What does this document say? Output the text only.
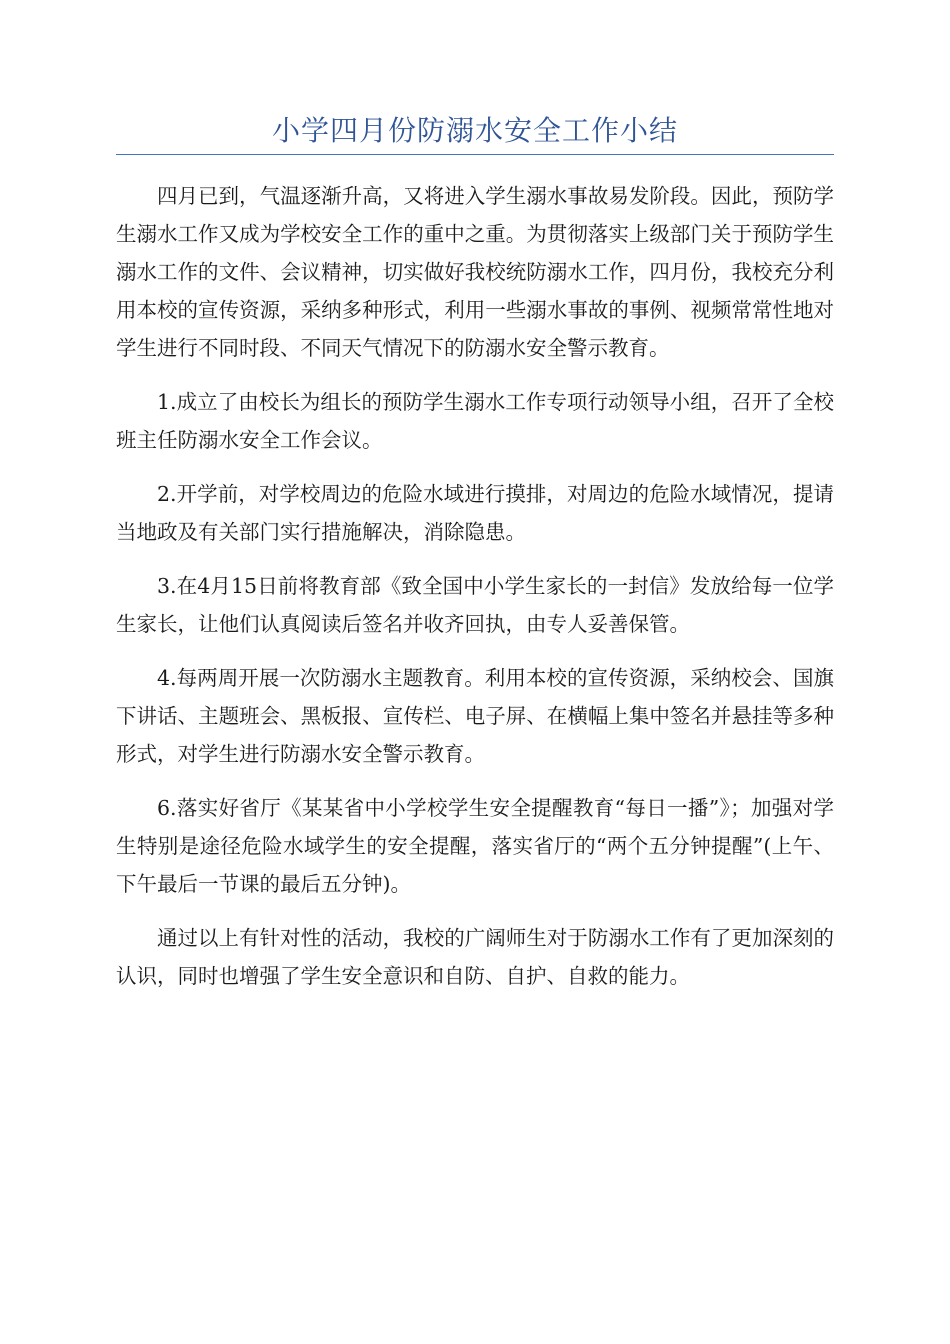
小学四月份防溺水安全工作小结

四月已到，气温逐渐升高，又将进入学生溺水事故易发阶段。因此，预防学生溺水工作又成为学校安全工作的重中之重。为贯彻落实上级部门关于预防学生溺水工作的文件、会议精神，切实做好我校统防溺水工作，四月份，我校充分利用本校的宣传资源，采纳多种形式，利用一些溺水事故的事例、视频常常性地对学生进行不同时段、不同天气情况下的防溺水安全警示教育。

1.成立了由校长为组长的预防学生溺水工作专项行动领导小组，召开了全校班主任防溺水安全工作会议。

2.开学前，对学校周边的危险水域进行摸排，对周边的危险水域情况，提请当地政及有关部门实行措施解决，消除隐患。

3.在4月15日前将教育部《致全国中小学生家长的一封信》发放给每一位学生家长，让他们认真阅读后签名并收齐回执，由专人妥善保管。

4.每两周开展一次防溺水主题教育。利用本校的宣传资源，采纳校会、国旗下讲话、主题班会、黑板报、宣传栏、电子屏、在横幅上集中签名并悬挂等多种形式，对学生进行防溺水安全警示教育。

6.落实好省厅《某某省中小学校学生安全提醒教育“每日一播”》；加强对学生特别是途径危险水域学生的安全提醒，落实省厅的“两个五分钟提醒”(上午、下午最后一节课的最后五分钟)。

通过以上有针对性的活动，我校的广阔师生对于防溺水工作有了更加深刻的认识，同时也增强了学生安全意识和自防、自护、自救的能力。
